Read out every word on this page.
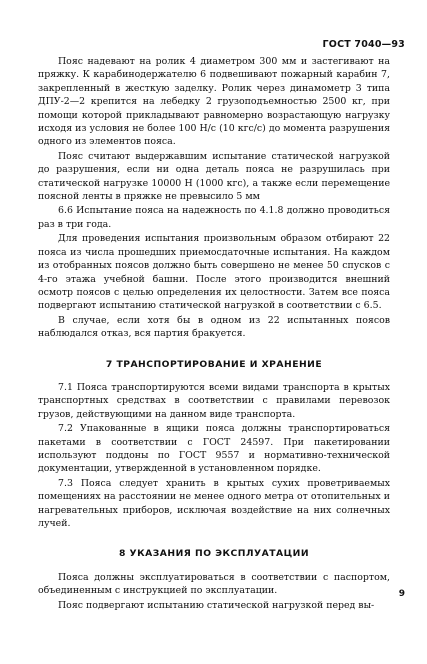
ГОСТ 7040—93

Пояс надевают на ролик 4 диаметром 300 мм и застегивают на пряжку. К карабинодержателю 6 подвешивают пожарный карабин 7, закрепленный в жесткую заделку. Ролик через динамометр 3 типа ДПУ-2—2 крепится на лебедку 2 грузоподъемностью 2500 кг, при помощи которой прикладывают равномерно возрастающую нагрузку исходя из условия не более 100 Н/с (10 кгс/с) до момента разрушения одного из элементов пояса.

Пояс считают выдержавшим испытание статической нагрузкой до разрушения, если ни одна деталь пояса не разрушилась при статической нагрузке 10000 Н (1000 кгс), а также если перемещение поясной ленты в пряжке не превысило 5 мм

6.6 Испытание пояса на надежность по 4.1.8 должно проводиться раз в три года.

Для проведения испытания произвольным образом отбирают 22 пояса из числа прошедших приемосдаточные испытания. На каждом из отобранных поясов должно быть совершено не менее 50 спусков с 4-го этажа учебной башни. После этого производится внешний осмотр поясов с целью определения их целостности. Затем все пояса подвергают испытанию статической нагрузкой в соответствии с 6.5.

В случае, если хотя бы в одном из 22 испытанных поясов наблюдался отказ, вся партия бракуется.

7 ТРАНСПОРТИРОВАНИЕ И ХРАНЕНИЕ

7.1 Пояса транспортируются всеми видами транспорта в крытых транспортных средствах в соответствии с правилами перевозок грузов, действующими на данном виде транспорта.

7.2 Упакованные в ящики пояса должны транспортироваться пакетами в соответствии с ГОСТ 24597. При пакетировании используют поддоны по ГОСТ 9557 и нормативно-технической документации, утвержденной в установленном порядке.

7.3 Пояса следует хранить в крытых сухих проветриваемых помещениях на расстоянии не менее одного метра от отопительных и нагревательных приборов, исключая воздействие на них солнечных лучей.

8 УКАЗАНИЯ ПО ЭКСПЛУАТАЦИИ

Пояса должны эксплуатироваться в соответствии с паспортом, объединенным с инструкцией по эксплуатации.

Пояс подвергают испытанию статической нагрузкой перед вы-

9
